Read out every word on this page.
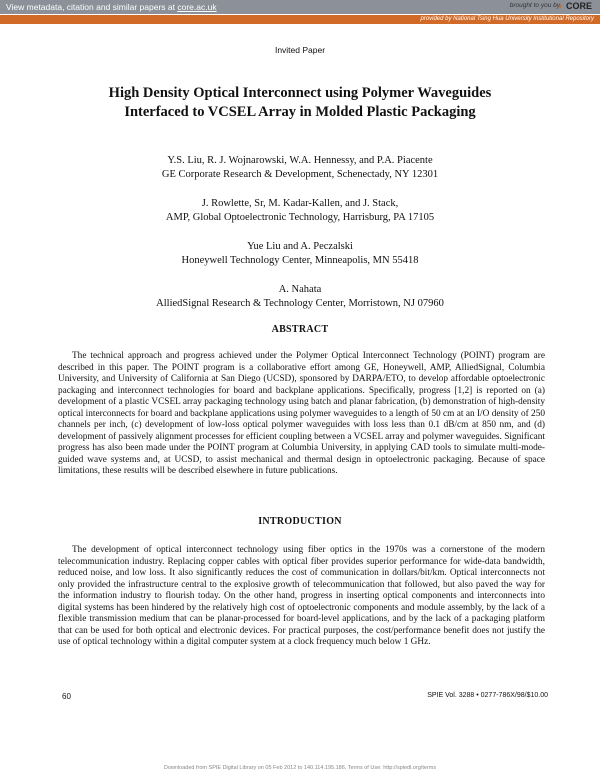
View metadata, citation and similar papers at core.ac.uk	brought to you by
◐ CORE
provided by National Tsing Hua University Institutional Repository
Invited Paper
High Density Optical Interconnect using Polymer Waveguides
Interfaced to VCSEL Array in Molded Plastic Packaging
Y.S. Liu, R. J. Wojnarowski, W.A. Hennessy, and P.A. Piacente
GE Corporate Research & Development, Schenectady, NY 12301
J. Rowlette, Sr, M. Kadar-Kallen, and J. Stack,
AMP, Global Optoelectronic Technology, Harrisburg, PA 17105
Yue Liu and A. Peczalski
Honeywell Technology Center, Minneapolis, MN 55418
A. Nahata
AlliedSignal Research & Technology Center, Morristown, NJ 07960
ABSTRACT
The technical approach and progress achieved under the Polymer Optical Interconnect Technology (POINT) program are described in this paper. The POINT program is a collaborative effort among GE, Honeywell, AMP, AlliedSignal, Columbia University, and University of California at San Diego (UCSD), sponsored by DARPA/ETO, to develop affordable optoelectronic packaging and interconnect technologies for board and backplane applications. Specifically, progress [1,2] is reported on (a) development of a plastic VCSEL array packaging technology using batch and planar fabrication, (b) demonstration of high-density optical interconnects for board and backplane applications using polymer waveguides to a length of 50 cm at an I/O density of 250 channels per inch, (c) development of low-loss optical polymer waveguides with loss less than 0.1 dB/cm at 850 nm, and (d) development of passively alignment processes for efficient coupling between a VCSEL array and polymer waveguides. Significant progress has also been made under the POINT program at Columbia University, in applying CAD tools to simulate multi-mode-guided wave systems and, at UCSD, to assist mechanical and thermal design in optoelectronic packaging. Because of space limitations, these results will be described elsewhere in future publications.
INTRODUCTION
The development of optical interconnect technology using fiber optics in the 1970s was a cornerstone of the modern telecommunication industry. Replacing copper cables with optical fiber provides superior performance for wide-data bandwidth, reduced noise, and low loss. It also significantly reduces the cost of communication in dollars/bit/km. Optical interconnects not only provided the infrastructure central to the explosive growth of telecommunication that followed, but also paved the way for the information industry to flourish today. On the other hand, progress in inserting optical components and interconnects into digital systems has been hindered by the relatively high cost of optoelectronic components and module assembly, by the lack of a flexible transmission medium that can be planar-processed for board-level applications, and by the lack of a packaging platform that can be used for both optical and electronic devices. For practical purposes, the cost/performance benefit does not justify the use of optical technology within a digital computer system at a clock frequency much below 1 GHz.
60	SPIE Vol. 3288 • 0277-786X/98/$10.00
Downloaded from SPIE Digital Library on 05 Feb 2012 to 140.114.195.186. Terms of Use: http://spiedl.org/terms
